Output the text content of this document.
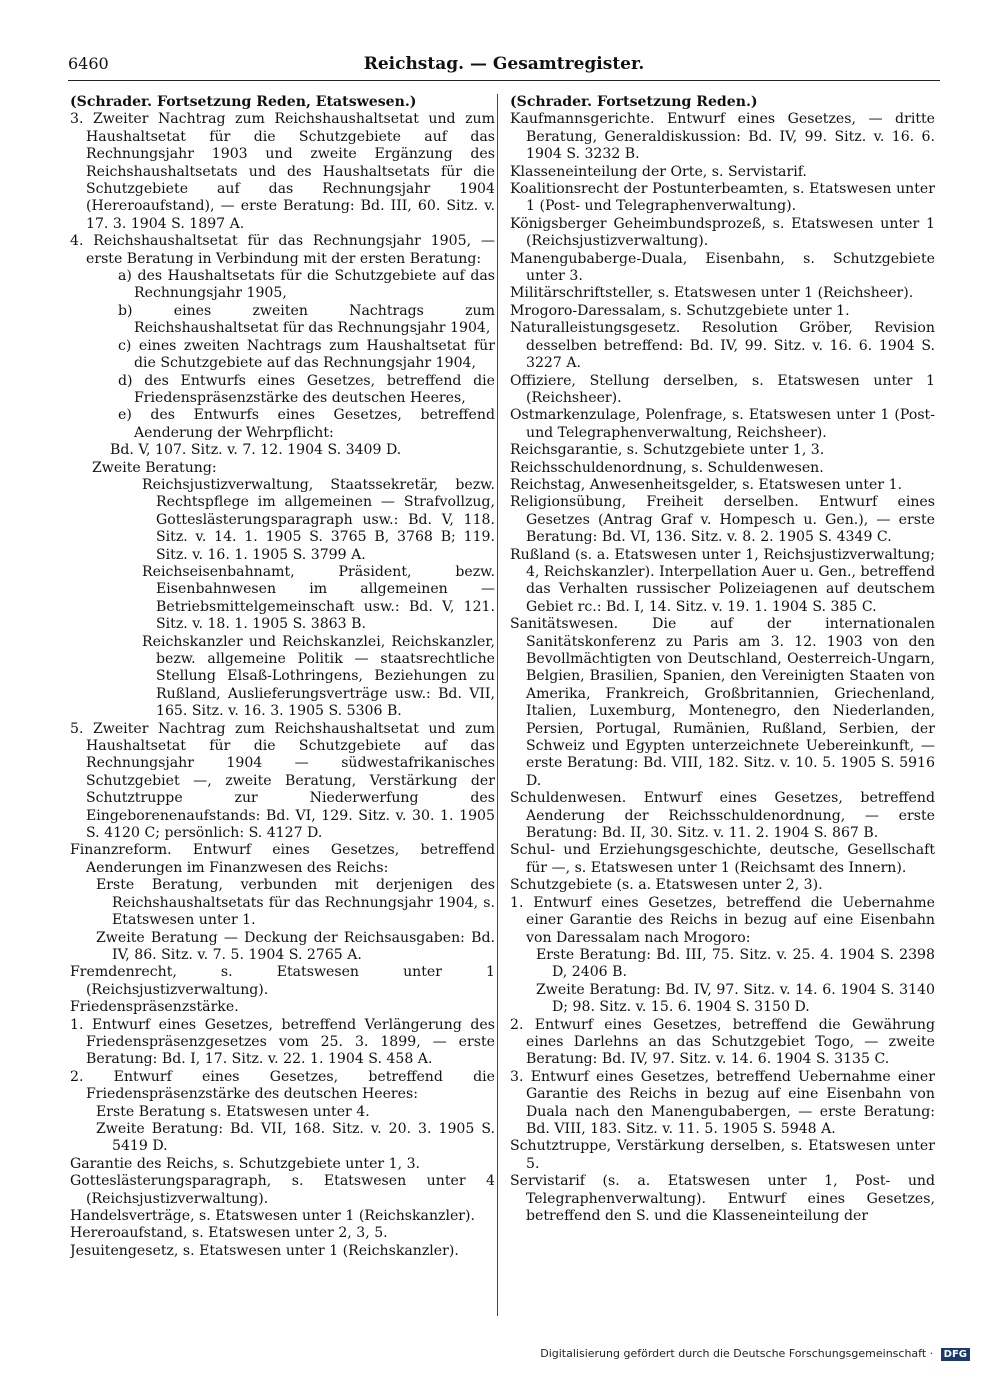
6460	Reichstag. — Gesamtregister.

(Schrader. Fortsetzung Reden, Etatswesen.)

3. Zweiter Nachtrag zum Reichshaushaltsetat und zum Haushaltsetat für die Schutzgebiete auf das Rechnungsjahr 1903 und zweite Ergänzung des Reichshaushaltsetats und des Haushaltsetats für die Schutzgebiete auf das Rechnungsjahr 1904 (Hereroaufstand), — erste Beratung: Bd. III, 60. Sitz. v. 17. 3. 1904 S. 1897 A.

4. Reichshaushaltsetat für das Rechnungsjahr 1905, — erste Beratung in Verbindung mit der ersten Beratung:

a) des Haushaltsetats für die Schutzgebiete auf das Rechnungsjahr 1905,

b) eines zweiten Nachtrags zum Reichshaushaltsetat für das Rechnungsjahr 1904,

c) eines zweiten Nachtrags zum Haushaltsetat für die Schutzgebiete auf das Rechnungsjahr 1904,

d) des Entwurfs eines Gesetzes, betreffend die Friedenspräsenzstärke des deutschen Heeres,

e) des Entwurfs eines Gesetzes, betreffend Aenderung der Wehrpflicht:

Bd. V, 107. Sitz. v. 7. 12. 1904 S. 3409 D.

Zweite Beratung:

Reichsjustizverwaltung, Staatssekretär, bezw. Rechtspflege im allgemeinen — Strafvollzug, Gotteslästerungsparagraph usw.: Bd. V, 118. Sitz. v. 14. 1. 1905 S. 3765 B, 3768 B; 119. Sitz. v. 16. 1. 1905 S. 3799 A.

Reichseisenbahnamt, Präsident, bezw. Eisenbahnwesen im allgemeinen — Betriebsmittelgemeinschaft usw.: Bd. V, 121. Sitz. v. 18. 1. 1905 S. 3863 B.

Reichskanzler und Reichskanzlei, Reichskanzler, bezw. allgemeine Politik — staatsrechtliche Stellung Elsaß-Lothringens, Beziehungen zu Rußland, Auslieferungsverträge usw.: Bd. VII, 165. Sitz. v. 16. 3. 1905 S. 5306 B.

5. Zweiter Nachtrag zum Reichshaushaltsetat und zum Haushaltsetat für die Schutzgebiete auf das Rechnungsjahr 1904 — südwestafrikanisches Schutzgebiet —, zweite Beratung, Verstärkung der Schutztruppe zur Niederwerfung des Eingeborenenaufstands: Bd. VI, 129. Sitz. v. 30. 1. 1905 S. 4120 C; persönlich: S. 4127 D.

Finanzreform. Entwurf eines Gesetzes, betreffend Aenderungen im Finanzwesen des Reichs:

Erste Beratung, verbunden mit derjenigen des Reichshaushaltsetats für das Rechnungsjahr 1904, s. Etatswesen unter 1.

Zweite Beratung — Deckung der Reichsausgaben: Bd. IV, 86. Sitz. v. 7. 5. 1904 S. 2765 A.

Fremdenrecht, s. Etatswesen unter 1 (Reichsjustizverwaltung).

Friedenspräsenzstärke.

1. Entwurf eines Gesetzes, betreffend Verlängerung des Friedenspräsenzgesetzes vom 25. 3. 1899, — erste Beratung: Bd. I, 17. Sitz. v. 22. 1. 1904 S. 458 A.

2. Entwurf eines Gesetzes, betreffend die Friedenspräsenzstärke des deutschen Heeres:

Erste Beratung s. Etatswesen unter 4.

Zweite Beratung: Bd. VII, 168. Sitz. v. 20. 3. 1905 S. 5419 D.

Garantie des Reichs, s. Schutzgebiete unter 1, 3.

Gotteslästerungsparagraph, s. Etatswesen unter 4 (Reichsjustizverwaltung).

Handelsverträge, s. Etatswesen unter 1 (Reichskanzler).

Hereroaufstand, s. Etatswesen unter 2, 3, 5.

Jesuitengesetz, s. Etatswesen unter 1 (Reichskanzler).

(Schrader. Fortsetzung Reden.)

Kaufmannsgerichte. Entwurf eines Gesetzes, — dritte Beratung, Generaldiskussion: Bd. IV, 99. Sitz. v. 16. 6. 1904 S. 3232 B.

Klasseneinteilung der Orte, s. Servistarif.

Koalitionsrecht der Postunterbeamten, s. Etatswesen unter 1 (Post- und Telegraphenverwaltung).

Königsberger Geheimbundsprozeß, s. Etatswesen unter 1 (Reichsjustizverwaltung).

Manengubaberge-Duala, Eisenbahn, s. Schutzgebiete unter 3.

Militärschriftsteller, s. Etatswesen unter 1 (Reichsheer).

Mrogoro-Daressalam, s. Schutzgebiete unter 1.

Naturalleistungsgesetz. Resolution Gröber, Revision desselben betreffend: Bd. IV, 99. Sitz. v. 16. 6. 1904 S. 3227 A.

Offiziere, Stellung derselben, s. Etatswesen unter 1 (Reichsheer).

Ostmarkenzulage, Polenfrage, s. Etatswesen unter 1 (Post- und Telegraphenverwaltung, Reichsheer).

Reichsgarantie, s. Schutzgebiete unter 1, 3.

Reichsschuldenordnung, s. Schuldenwesen.

Reichstag, Anwesenheitsgelder, s. Etatswesen unter 1.

Religionsübung, Freiheit derselben. Entwurf eines Gesetzes (Antrag Graf v. Hompesch u. Gen.), — erste Beratung: Bd. VI, 136. Sitz. v. 8. 2. 1905 S. 4349 C.

Rußland (s. a. Etatswesen unter 1, Reichsjustizverwaltung; 4, Reichskanzler). Interpellation Auer u. Gen., betreffend das Verhalten russischer Polizeiagenen auf deutschem Gebiet rc.: Bd. I, 14. Sitz. v. 19. 1. 1904 S. 385 C.

Sanitätswesen. Die auf der internationalen Sanitätskonferenz zu Paris am 3. 12. 1903 von den Bevollmächtigten von Deutschland, Oesterreich-Ungarn, Belgien, Brasilien, Spanien, den Vereinigten Staaten von Amerika, Frankreich, Großbritannien, Griechenland, Italien, Luxemburg, Montenegro, den Niederlanden, Persien, Portugal, Rumänien, Rußland, Serbien, der Schweiz und Egypten unterzeichnete Uebereinkunft, — erste Beratung: Bd. VIII, 182. Sitz. v. 10. 5. 1905 S. 5916 D.

Schuldenwesen. Entwurf eines Gesetzes, betreffend Aenderung der Reichsschuldenordnung, — erste Beratung: Bd. II, 30. Sitz. v. 11. 2. 1904 S. 867 B.

Schul- und Erziehungsgeschichte, deutsche, Gesellschaft für —, s. Etatswesen unter 1 (Reichsamt des Innern).

Schutzgebiete (s. a. Etatswesen unter 2, 3).

1. Entwurf eines Gesetzes, betreffend die Uebernahme einer Garantie des Reichs in bezug auf eine Eisenbahn von Daressalam nach Mrogoro:

Erste Beratung: Bd. III, 75. Sitz. v. 25. 4. 1904 S. 2398 D, 2406 B.

Zweite Beratung: Bd. IV, 97. Sitz. v. 14. 6. 1904 S. 3140 D; 98. Sitz. v. 15. 6. 1904 S. 3150 D.

2. Entwurf eines Gesetzes, betreffend die Gewährung eines Darlehns an das Schutzgebiet Togo, — zweite Beratung: Bd. IV, 97. Sitz. v. 14. 6. 1904 S. 3135 C.

3. Entwurf eines Gesetzes, betreffend Uebernahme einer Garantie des Reichs in bezug auf eine Eisenbahn von Duala nach den Manengubabergen, — erste Beratung: Bd. VIII, 183. Sitz. v. 11. 5. 1905 S. 5948 A.

Schutztruppe, Verstärkung derselben, s. Etatswesen unter 5.

Servistarif (s. a. Etatswesen unter 1, Post- und Telegraphenverwaltung). Entwurf eines Gesetzes, betreffend den S. und die Klasseneinteilung der

Digitalisierung gefördert durch die Deutsche Forschungsgemeinschaft · DFG
